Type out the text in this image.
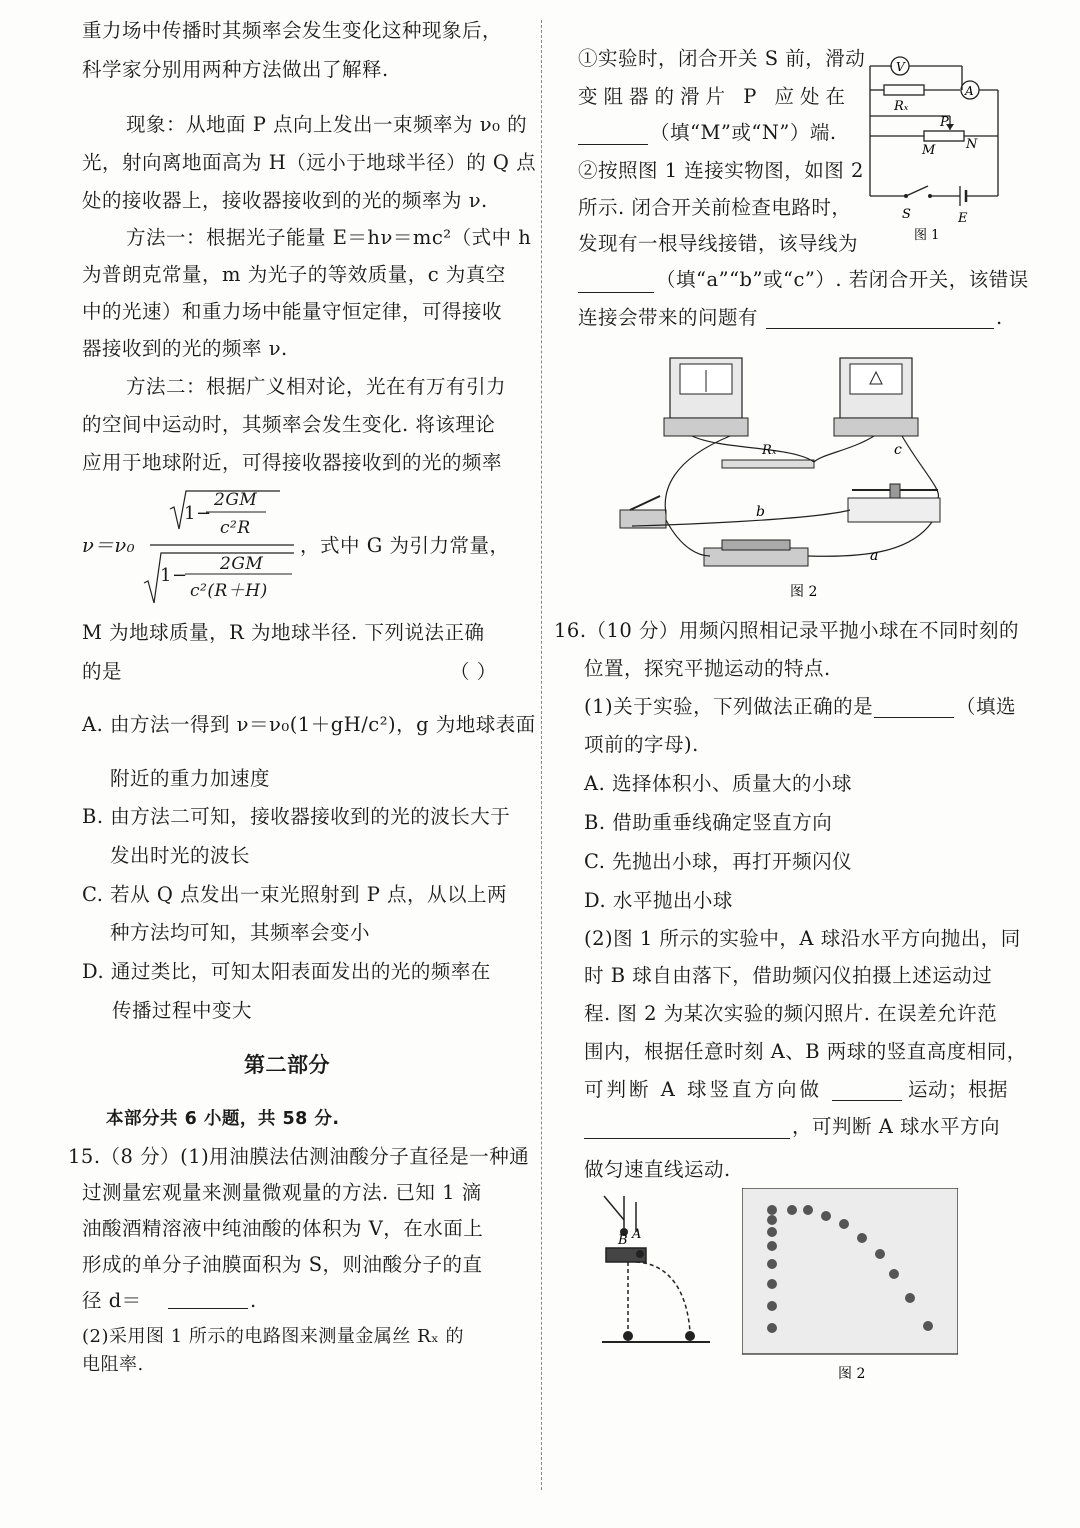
重力场中传播时其频率会发生变化这种现象后，
科学家分别用两种方法做出了解释.
现象：从地面 P 点向上发出一束频率为 ν₀ 的
光，射向离地面高为 H（远小于地球半径）的 Q 点
处的接收器上，接收器接收到的光的频率为 ν.
方法一：根据光子能量 E＝hν＝mc²（式中 h
为普朗克常量，m 为光子的等效质量，c 为真空
中的光速）和重力场中能量守恒定律，可得接收
器接收到的光的频率 ν.
方法二：根据广义相对论，光在有万有引力
的空间中运动时，其频率会发生变化. 将该理论
应用于地球附近，可得接收器接收到的光的频率
ν＝ν₀
1−
2GM
c²R
1−
2GM
c²(R＋H)
，式中 G 为引力常量，
M 为地球质量，R 为地球半径. 下列说法正确
的是	（ ）
A. 由方法一得到 ν＝ν₀(1＋gH/c²)，g 为地球表面
附近的重力加速度
B. 由方法二可知，接收器接收到的光的波长大于
发出时光的波长
C. 若从 Q 点发出一束光照射到 P 点，从以上两
种方法均可知，其频率会变小
D. 通过类比，可知太阳表面发出的光的频率在
传播过程中变大
第二部分
本部分共 6 小题，共 58 分.
15.（8 分）(1)用油膜法估测油酸分子直径是一种通
过测量宏观量来测量微观量的方法. 已知 1 滴
油酸酒精溶液中纯油酸的体积为 V，在水面上
形成的单分子油膜面积为 S，则油酸分子的直
径 d＝	.
(2)采用图 1 所示的电路图来测量金属丝 Rₓ 的
电阻率.
①实验时，闭合开关 S 前，滑动
变阻器的滑片 P 应处在
（填“M”或“N”）端.
②按照图 1 连接实物图，如图 2
所示. 闭合开关前检查电路时，
发现有一根导线接错，该导线为
（填“a”“b”或“c”）. 若闭合开关，该错误
连接会带来的问题有	.
V
A
Rₓ
P
M N
S	E
图 1
Rₓ
b
c
a
图 2
16.（10 分）用频闪照相记录平抛小球在不同时刻的
位置，探究平抛运动的特点.
(1)关于实验，下列做法正确的是	（填选
项前的字母).
A. 选择体积小、质量大的小球
B. 借助重垂线确定竖直方向
C. 先抛出小球，再打开频闪仪
D. 水平抛出小球
(2)图 1 所示的实验中，A 球沿水平方向抛出，同
时 B 球自由落下，借助频闪仪拍摄上述运动过
程. 图 2 为某次实验的频闪照片. 在误差允许范
围内，根据任意时刻 A、B 两球的竖直高度相同，
可判断 A 球竖直方向做	运动；根据
，可判断 A 球水平方向
做匀速直线运动.
B A
图 2
